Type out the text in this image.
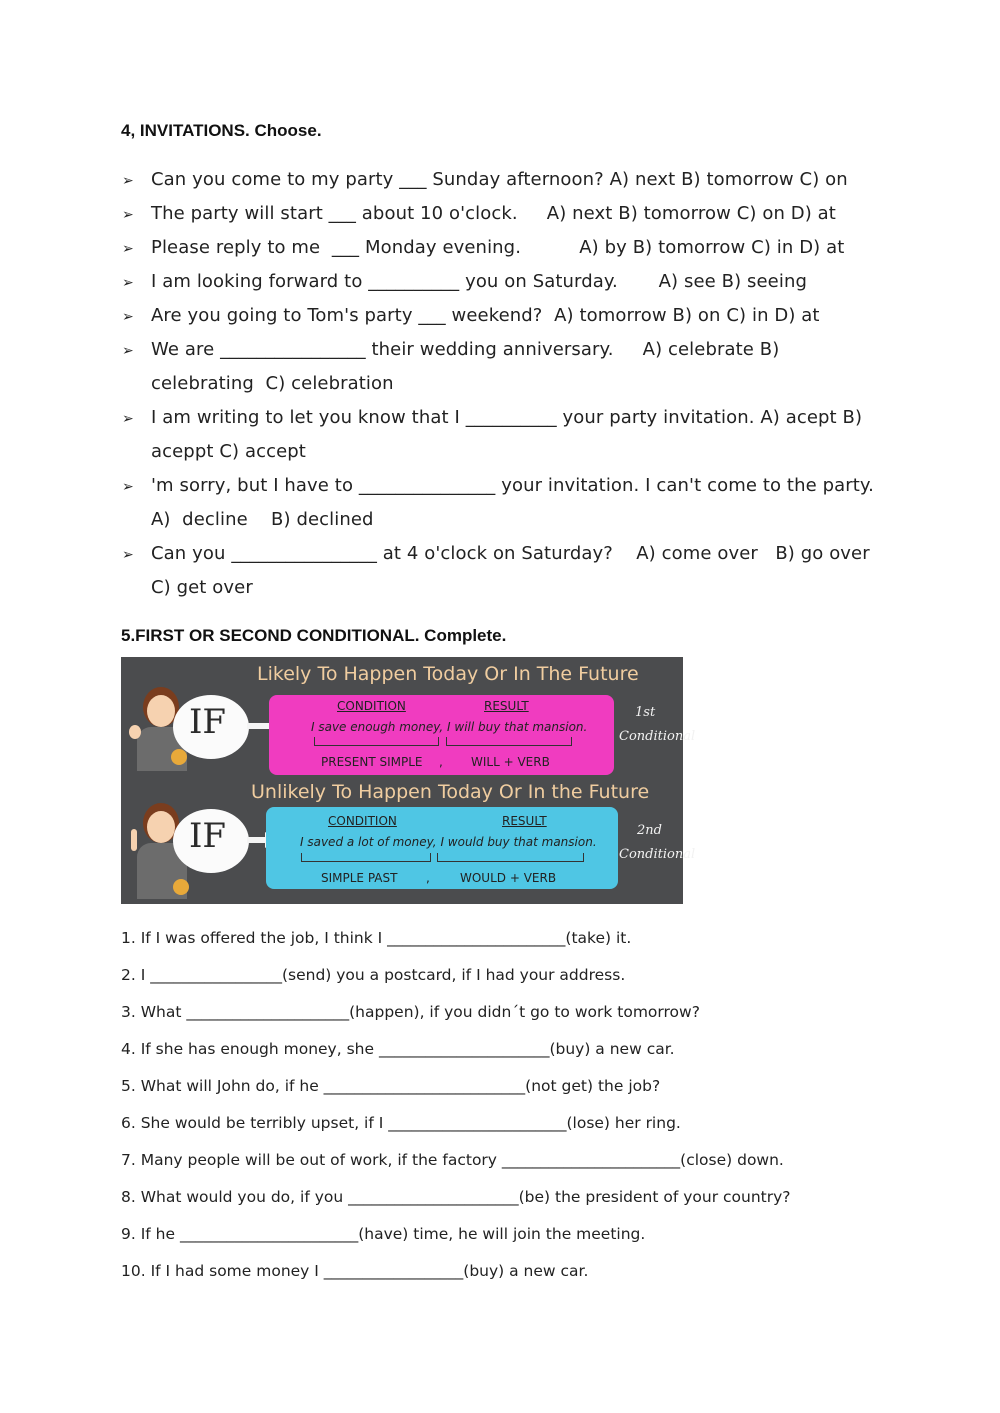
4, INVITATIONS. Choose.
➢ Can you come to my party ___ Sunday afternoon? A) next B) tomorrow C) on
➢ The party will start ___ about 10 o'clock.     A) next B) tomorrow C) on D) at
➢ Please reply to me  ___ Monday evening.          A) by B) tomorrow C) in D) at
➢ I am looking forward to __________ you on Saturday.       A) see B) seeing
➢ Are you going to Tom's party ___ weekend?  A) tomorrow B) on C) in D) at
➢ We are ________________ their wedding anniversary.     A) celebrate B)
celebrating  C) celebration
➢ I am writing to let you know that I __________ your party invitation. A) acept B)
aceppt C) accept
➢ 'm sorry, but I have to _______________ your invitation. I can't come to the party.
A)  decline    B) declined
➢ Can you ________________ at 4 o'clock on Saturday?    A) come over   B) go over
C) get over
5.FIRST OR SECOND CONDITIONAL. Complete.
Likely To Happen Today Or In The Future
IF	CONDITION	RESULT
I save enough money, I will buy that mansion.
PRESENT SIMPLE , WILL + VERB
1st
Conditional
Unlikely To Happen Today Or In the Future
IF	CONDITION	RESULT
I saved a lot of money, I would buy that mansion.
SIMPLE PAST ,	WOULD + VERB
2nd
Conditional
1. If I was offered the job, I think I _______________________(take) it.
2. I _________________(send) you a postcard, if I had your address.
3. What _____________________(happen), if you didn´t go to work tomorrow?
4. If she has enough money, she ______________________(buy) a new car.
5. What will John do, if he __________________________(not get) the job?
6. She would be terribly upset, if I _______________________(lose) her ring.
7. Many people will be out of work, if the factory _______________________(close) down.
8. What would you do, if you ______________________(be) the president of your country?
9. If he _______________________(have) time, he will join the meeting.
10. If I had some money I __________________(buy) a new car.
